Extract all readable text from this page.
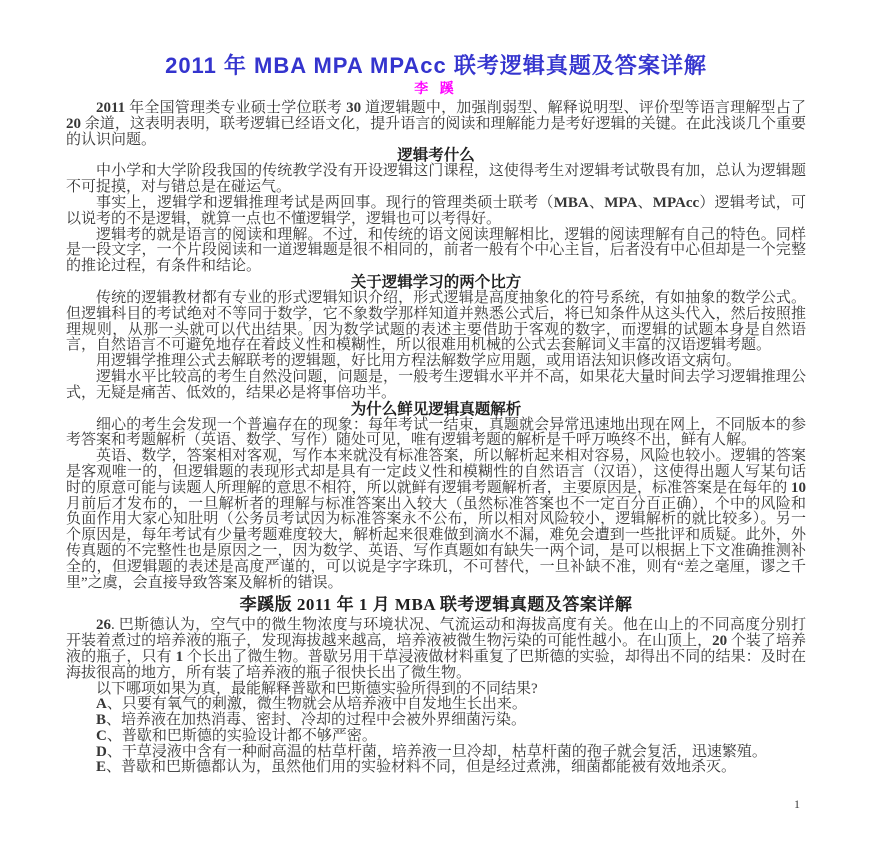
2011 年 MBA MPA MPAcc 联考逻辑真题及答案详解
李 蹊

2011 年全国管理类专业硕士学位联考 30 道逻辑题中，加强削弱型、解释说明型、评价型等语言理解型占了 20 余道，这表明表明，联考逻辑已经语文化，提升语言的阅读和理解能力是考好逻辑的关键。在此浅谈几个重要的认识问题。

逻辑考什么

中小学和大学阶段我国的传统教学没有开设逻辑这门课程，这使得考生对逻辑考试敬畏有加，总认为逻辑题不可捉摸，对与错总是在碰运气。

事实上，逻辑学和逻辑推理考试是两回事。现行的管理类硕士联考（MBA、MPA、MPAcc）逻辑考试，可以说考的不是逻辑，就算一点也不懂逻辑学，逻辑也可以考得好。

逻辑考的就是语言的阅读和理解。不过，和传统的语文阅读理解相比，逻辑的阅读理解有自己的特色。同样是一段文字，一个片段阅读和一道逻辑题是很不相同的，前者一般有个中心主旨，后者没有中心但却是一个完整的推论过程，有条件和结论。

关于逻辑学习的两个比方

传统的逻辑教材都有专业的形式逻辑知识介绍，形式逻辑是高度抽象化的符号系统，有如抽象的数学公式。但逻辑科目的考试绝对不等同于数学，它不象数学那样知道并熟悉公式后，将已知条件从这头代入，然后按照推理规则，从那一头就可以代出结果。因为数学试题的表述主要借助于客观的数字，而逻辑的试题本身是自然语言，自然语言不可避免地存在着歧义性和模糊性，所以很难用机械的公式去套解词义丰富的汉语逻辑考题。

用逻辑学推理公式去解联考的逻辑题，好比用方程法解数学应用题，或用语法知识修改语文病句。

逻辑水平比较高的考生自然没问题，问题是，一般考生逻辑水平并不高，如果花大量时间去学习逻辑推理公式，无疑是痛苦、低效的，结果必是将事倍功半。

为什么鲜见逻辑真题解析

细心的考生会发现一个普遍存在的现象：每年考试一结束，真题就会异常迅速地出现在网上，不同版本的参考答案和考题解析（英语、数学、写作）随处可见，唯有逻辑考题的解析是千呼万唤终不出，鲜有人解。

英语、数学，答案相对客观，写作本来就没有标准答案，所以解析起来相对容易，风险也较小。逻辑的答案是客观唯一的，但逻辑题的表现形式却是具有一定歧义性和模糊性的自然语言（汉语），这使得出题人写某句话时的原意可能与读题人所理解的意思不相符，所以就鲜有逻辑考题解析者，主要原因是，标准答案是在每年的 10 月前后才发布的，一旦解析者的理解与标准答案出入较大（虽然标准答案也不一定百分百正确），个中的风险和负面作用大家心知肚明（公务员考试因为标准答案永不公布，所以相对风险较小，逻辑解析的就比较多）。另一个原因是，每年考试有少量考题难度较大，解析起来很难做到滴水不漏，难免会遭到一些批评和质疑。此外，外传真题的不完整性也是原因之一，因为数学、英语、写作真题如有缺失一两个词，是可以根据上下文准确推测补全的，但逻辑题的表述是高度严谨的，可以说是字字珠玑，不可替代，一旦补缺不准，则有“差之毫厘，谬之千里”之虞，会直接导致答案及解析的错误。

李蹊版 2011 年 1 月 MBA 联考逻辑真题及答案详解

26. 巴斯德认为，空气中的微生物浓度与环境状况、气流运动和海拔高度有关。他在山上的不同高度分别打开装着煮过的培养液的瓶子，发现海拔越来越高，培养液被微生物污染的可能性越小。在山顶上，20 个装了培养液的瓶子，只有 1 个长出了微生物。普歇另用干草浸液做材料重复了巴斯德的实验，却得出不同的结果：及时在海拔很高的地方，所有装了培养液的瓶子很快长出了微生物。

以下哪项如果为真，最能解释普歇和巴斯德实验所得到的不同结果?

A、只要有氧气的刺激，微生物就会从培养液中自发地生长出来。

B、培养液在加热消毒、密封、冷却的过程中会被外界细菌污染。

C、普歇和巴斯德的实验设计都不够严密。

D、干草浸液中含有一种耐高温的枯草杆菌，培养液一旦冷却，枯草杆菌的孢子就会复活，迅速繁殖。

E、普歇和巴斯德都认为，虽然他们用的实验材料不同，但是经过煮沸，细菌都能被有效地杀灭。

1
